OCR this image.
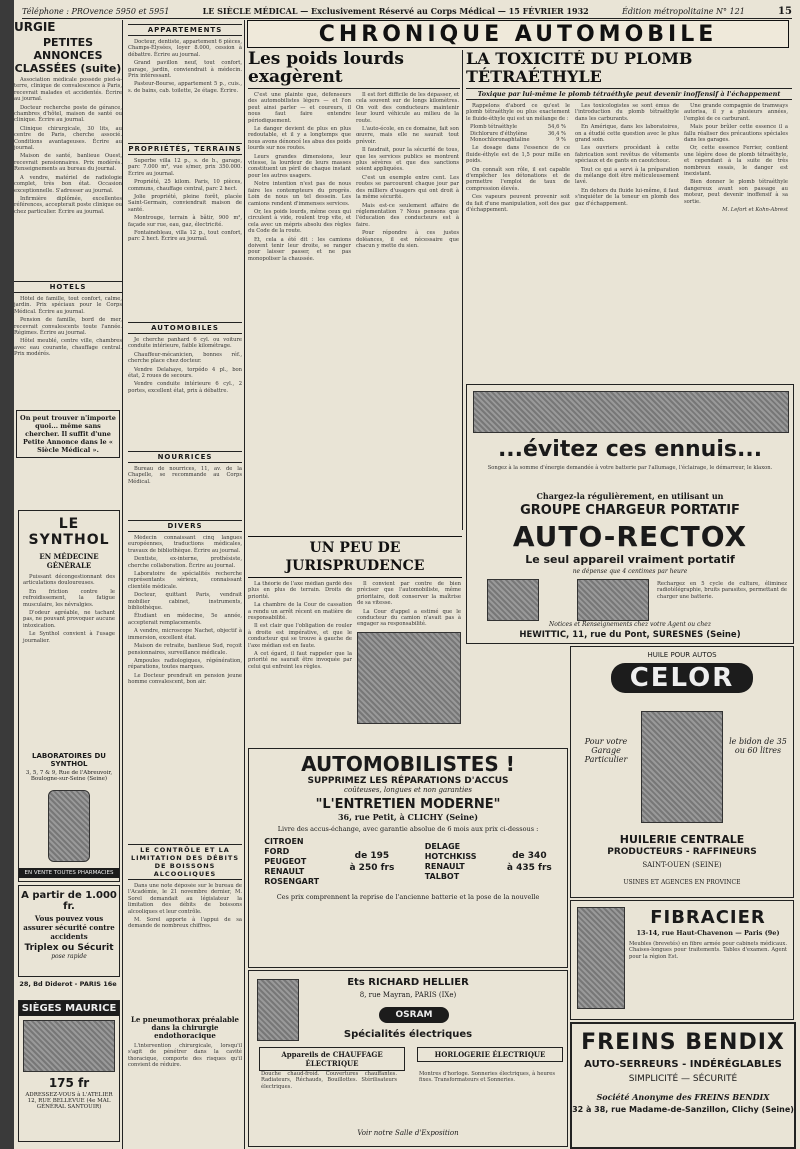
Téléphone : PROvence 5950 et 5951	LE SIÈCLE MÉDICAL — Exclusivement Réservé au Corps Médical — 15 FÉVRIER 1932	Édition métropolitaine N° 121	15
URGIE
PETITES ANNONCES
CLASSÉES (suite)

Association médicale possède pied-à-terre, clinique de convalescence à Paris, recevrait malades et accidentés. Écrire au journal.

Docteur recherche poste de gérance, chambres d'hôtel, maison de santé ou clinique. Écrire au journal.

Clinique chirurgicale, 30 lits, au centre de Paris, cherche associé. Conditions avantageuses. Écrire au journal.

Maison de santé, banlieue Ouest, recevrait pensionnaires. Prix modérés. Renseignements au bureau du journal.

A vendre, matériel de radiologie complet, très bon état. Occasion exceptionnelle. S'adresser au journal.

Infirmière diplômée, excellentes références, accepterait poste clinique ou chez particulier. Écrire au journal.

HOTELS

Hôtel de famille, tout confort, calme, jardin. Prix spéciaux pour le Corps Médical. Écrire au journal.

Pension de famille, bord de mer, recevrait convalescents toute l'année. Régimes. Écrire au journal.

Hôtel meublé, centre ville, chambres avec eau courante, chauffage central. Prix modérés.

On peut trouver n'importe quoi... même sans chercher. Il suffit d'une Petite Annonce dans le « Siècle Médical ».
LE SYNTHOL
EN MÉDECINE
GÉNÉRALE

Puissant décongestionnant des articulations douloureuses.

En friction contre le refroidissement, la fatigue musculaire, les névralgies.

D'odeur agréable, ne tachant pas, ne pouvant provoquer aucune intoxication.

Le Synthol convient à l'usage journalier.

LABORATOIRES DU SYNTHOL
3, 5, 7 & 9, Rue de l'Abreuvoir, Boulogne-sur-Seine (Seine)
EN VENTE TOUTES PHARMACIES
A partir de 1.000 fr.
Vous pouvez vous assurer sécurité contre accidents
Triplex ou Sécurit
pose rapide
28, Bd Diderot - PARIS 16e
SIÈGES MAURICE
175 fr
ADRESSEZ-VOUS à L'ATELIER 12, RUE BELLEVUE (4e MAL GÉNÉRAL SANTOUIR)
APPARTEMENTS

Docteur, dentiste, appartement 6 pièces, Champs-Élysées, loyer 8.000, cession à débattre. Écrire au journal.

Grand pavillon neuf, tout confort, garage, jardin, conviendrait à médecin. Prix intéressant.

Pasteur-Bourse, appartement 5 p., cuis., s. de bains, cab. toilette, 2e étage. Écrire.

PROPRIÉTÉS, TERRAINS

Superbe villa 12 p., s. de b., garage, parc 7.000 m², vue s/mer, prix 350.000. Écrire au journal.

Propriété, 25 kilom. Paris, 10 pièces, communs, chauffage central, parc 2 hect.

Jolie propriété, pleine forêt, placée Saint-Germain, conviendrait maison de santé.

Montrouge, terrain à bâtir, 900 m², façade sur rue, eau, gaz, électricité.

Fontainebleau, villa 12 p., tout confort, parc 2 hect. Écrire au journal.

AUTOMOBILES

Je cherche panhard 6 cyl. ou voiture conduite intérieure, faible kilométrage.

Chauffeur-mécanicien, bonnes réf., cherche place chez docteur.

Vendre Delahaye, torpédo 4 pl., bon état, 2 roues de secours.

Vendre conduite intérieure 6 cyl., 2 portes, excellent état, prix à débattre.

NOURRICES

Bureau de nourrices, 11, av. de la Chapelle, se recommande au Corps Médical.

DIVERS

Médecin connaissant cinq langues européennes, traductions médicales, travaux de bibliothèque. Écrire au journal.

Dentiste, ex-interne, prothésiste, cherche collaboration. Écrire au journal.

Laboratoire de spécialités recherche représentants sérieux, connaissant clientèle médicale.

Docteur, quittant Paris, vendrait mobilier cabinet, instruments, bibliothèque.

Étudiant en médecine, 5e année, accepterait remplacements.

A vendre, microscope Nachet, objectif à immersion, excellent état.

Maison de retraite, banlieue Sud, reçoit pensionnaires, surveillance médicale.

Ampoules radiologiques, régénération, réparations, toutes marques.

Le Docteur prendrait en pension jeune homme convalescent, bon air.

LE CONTRÔLE ET LA LIMITATION DES DÉBITS DE BOISSONS ALCOOLIQUES

Dans une note déposée sur le bureau de l'Académie, le 21 novembre dernier, M. Sorel demandait au législateur la limitation des débits de boissons alcooliques et leur contrôle.

M. Sorel apporte à l'appui de sa demande de nombreux chiffres.

Le pneumothorax préalable dans la chirurgie endothoracique

L'intervention chirurgicale, lorsqu'il s'agit de pénétrer dans la cavité thoracique, comporte des risques qu'il convient de réduire.

CHRONIQUE AUTOMOBILE
Les poids lourds exagèrent

C'est une plainte que, défenseurs des automobilistes légers — et l'on peut ainsi parler — et coureurs, il nous faut faire entendre périodiquement.

Le danger devient de plus en plus redoutable, et il y a longtemps que nous avons dénoncé les abus des poids lourds sur nos routes.

Leurs grandes dimensions, leur vitesse, la lourdeur de leurs masses constituent un péril de chaque instant pour les autres usagers.

Notre intention n'est pas de nous faire les contempteurs du progrès. Loin de nous un tel dessein. Les camions rendent d'immenses services.

Or, les poids lourds, même ceux qui circulent à vide, roulent trop vite, et cela avec un mépris absolu des règles du Code de la route.

Et, cela a été dit : les camions doivent tenir leur droite, se ranger pour laisser passer, et ne pas monopoliser la chaussée.

Il est fort difficile de les dépasser, et cela souvent sur de longs kilomètres. On voit des conducteurs maintenir leur lourd véhicule au milieu de la route.

L'auto-école, en ce domaine, fait son œuvre, mais elle ne saurait tout prévoir.

Il faudrait, pour la sécurité de tous, que les services publics se montrent plus sévères et que des sanctions soient appliquées.

C'est un exemple entre cent. Les routes se parcourent chaque jour par des milliers d'usagers qui ont droit à la même sécurité.

Mais est-ce seulement affaire de réglementation ? Nous pensons que l'éducation des conducteurs est à faire.

Pour répondre à ces justes doléances, il est nécessaire que chacun y mette du sien.

LA TOXICITÉ DU PLOMB TÉTRAÉTHYLE
Toxique par lui-même le plomb tétraéthyle peut devenir inoffensif à l'échappement

Rappelons d'abord ce qu'est le plomb tétraéthyle ou plus exactement le fluide-éthyle qui est un mélange de :

Plomb tétraéthyle	54,6 %
Dichlorure d'éthylène	36,4 %
Monochloronaphtaline	9 %

Le dosage dans l'essence de ce fluide-éthyle est de 1,5 pour mille en poids.

On connaît son rôle, il est capable d'empêcher les détonations et de permettre l'emploi de taux de compression élevés.

Ces vapeurs peuvent provenir soit du fait d'une manipulation, soit des gaz d'échappement.

Les toxicologistes se sont émus de l'introduction du plomb tétraéthyle dans les carburants.

En Amérique, dans les laboratoires, on a étudié cette question avec le plus grand soin.

Les ouvriers procédant à cette fabrication sont revêtus de vêtements spéciaux et de gants en caoutchouc.

Tout ce qui a servi à la préparation du mélange doit être méticuleusement lavé.

En dehors du fluide lui-même, il faut s'inquiéter de la teneur en plomb des gaz d'échappement.

Une grande compagnie de tramways autorisa, il y a plusieurs années, l'emploi de ce carburant.

Mais pour brûler cette essence il a fallu réaliser des précautions spéciales dans les garages.

Or, cette essence Ferrier, contient une légère dose de plomb tétraéthyle, et cependant à la suite de très nombreux essais, le danger est inexistant.

Bien donner le plomb tétraéthyle dangereux avant son passage au moteur, peut devenir inoffensif à sa sortie.

M. Lefort et Kohn-Abrest

...évitez ces ennuis...
Songez à la somme d'énergie demandée à votre batterie par l'allumage, l'éclairage, le démarreur, le klaxon.
Chargez-la régulièrement, en utilisant un
GROUPE CHARGEUR PORTATIF
AUTO-RECTOX
Le seul appareil vraiment portatif
ne dépense que 4 centimes par heure
Rechargez en 5 cycle de culture, éliminez radiotélégraphie, bruits parasites, permettant de charger une batterie.
Notices et Renseignements chez votre Agent ou chez
HEWITTIC, 11, rue du Pont, SURESNES (Seine)
UN PEU DE JURISPRUDENCE

La théorie de l'axe médian gardé des plus en plus de terrain. Droits de priorité.

La chambre de la Cour de cassation a rendu un arrêt récent en matière de responsabilité.

Il est clair que l'obligation de rouler à droite est impérative, et que le conducteur qui se trouve à gauche de l'axe médian est en faute.

A cet égard, il faut rappeler que la priorité ne saurait être invoquée par celui qui enfreint les règles.

Il convient par contre de bien préciser que l'automobiliste, même prioritaire, doit conserver la maîtrise de sa vitesse.

La Cour d'appel a estimé que le conducteur du camion n'avait pas à engager sa responsabilité.

AUTOMOBILISTES !
SUPPRIMEZ LES RÉPARATIONS D'ACCUS
coûteuses, longues et non garanties
"L'ENTRETIEN MODERNE"
36, rue Petit, à CLICHY (Seine)
Livre des accus-échange, avec garantie absolue de 6 mois aux prix ci-dessous :
CITROEN
FORD
PEUGEOT
RENAULT
ROSENGART
de 195
à 250 frs
DELAGE
HOTCHKISS
RENAULT
TALBOT
de 340
à 435 frs
Ces prix comprennent la reprise de l'ancienne batterie et la pose de la nouvelle
Ets RICHARD HELLIER
8, rue Mayran, PARIS (IXe)
OSRAM
Spécialités électriques
Appareils de CHAUFFAGE ÉLECTRIQUE
Douche chaud-froid. Couvertures chauffantes. Radiateurs, Réchauds, Bouillottes. Stérilisateurs électriques.
HORLOGERIE ÉLECTRIQUE
Montres d'horloge. Sonneries électriques, à heures fixes. Transformateurs et Sonneries.
Voir notre Salle d'Exposition
HUILE POUR AUTOS
CELOR
Pour votre Garage Particulier
le bidon de 35 ou 60 litres
HUILERIE CENTRALE
PRODUCTEURS - RAFFINEURS
SAINT-OUEN (SEINE)
USINES ET AGENCES EN PROVINCE
FIBRACIER
13-14, rue Haut-Chavenon — Paris (9e)
Meubles (brevetés) en fibre armée pour cabinets médicaux. Chaises-longues pour traitements. Tables d'examen. Agent pour la région Est.
FREINS BENDIX
AUTO-SERREURS - INDÉRÉGLABLES
SIMPLICITÉ — SÉCURITÉ
Société Anonyme des FREINS BENDIX
32 à 38, rue Madame-de-Sanzillon, Clichy (Seine)
